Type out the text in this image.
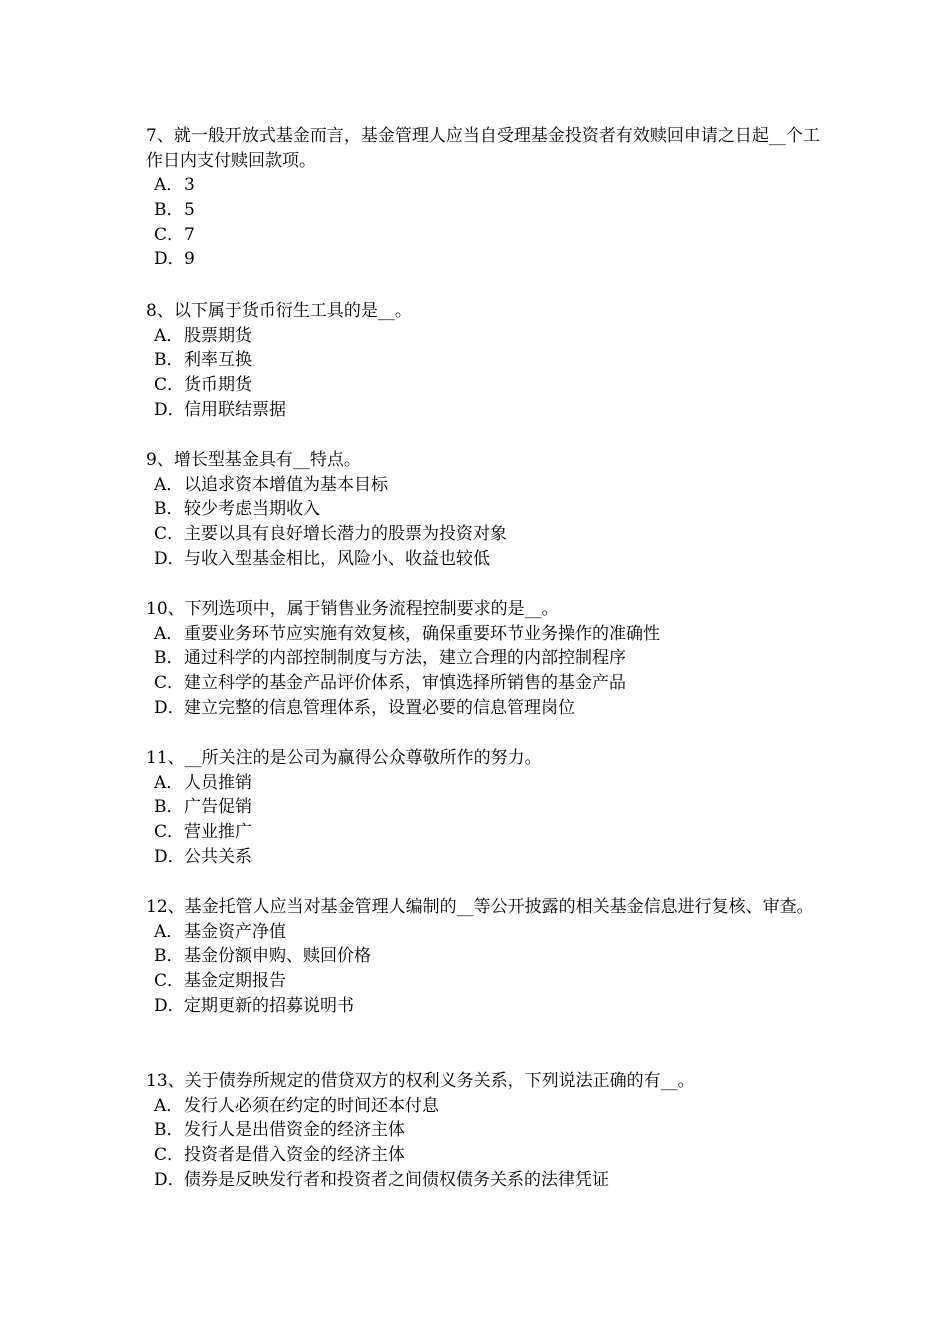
7、就一般开放式基金而言，基金管理人应当自受理基金投资者有效赎回申请之日起__个工作日内支付赎回款项。

A．3

B．5

C．7

D．9

8、以下属于货币衍生工具的是__。

A．股票期货

B．利率互换

C．货币期货

D．信用联结票据

9、增长型基金具有__特点。

A．以追求资本增值为基本目标

B．较少考虑当期收入

C．主要以具有良好增长潜力的股票为投资对象

D．与收入型基金相比，风险小、收益也较低

10、下列选项中，属于销售业务流程控制要求的是__。

A．重要业务环节应实施有效复核，确保重要环节业务操作的准确性

B．通过科学的内部控制制度与方法，建立合理的内部控制程序

C．建立科学的基金产品评价体系，审慎选择所销售的基金产品

D．建立完整的信息管理体系，设置必要的信息管理岗位

11、__所关注的是公司为赢得公众尊敬所作的努力。

A．人员推销

B．广告促销

C．营业推广

D．公共关系

12、基金托管人应当对基金管理人编制的__等公开披露的相关基金信息进行复核、审查。

A．基金资产净值

B．基金份额申购、赎回价格

C．基金定期报告

D．定期更新的招募说明书

13、关于债券所规定的借贷双方的权利义务关系，下列说法正确的有__。

A．发行人必须在约定的时间还本付息

B．发行人是出借资金的经济主体

C．投资者是借入资金的经济主体

D．债券是反映发行者和投资者之间债权债务关系的法律凭证
